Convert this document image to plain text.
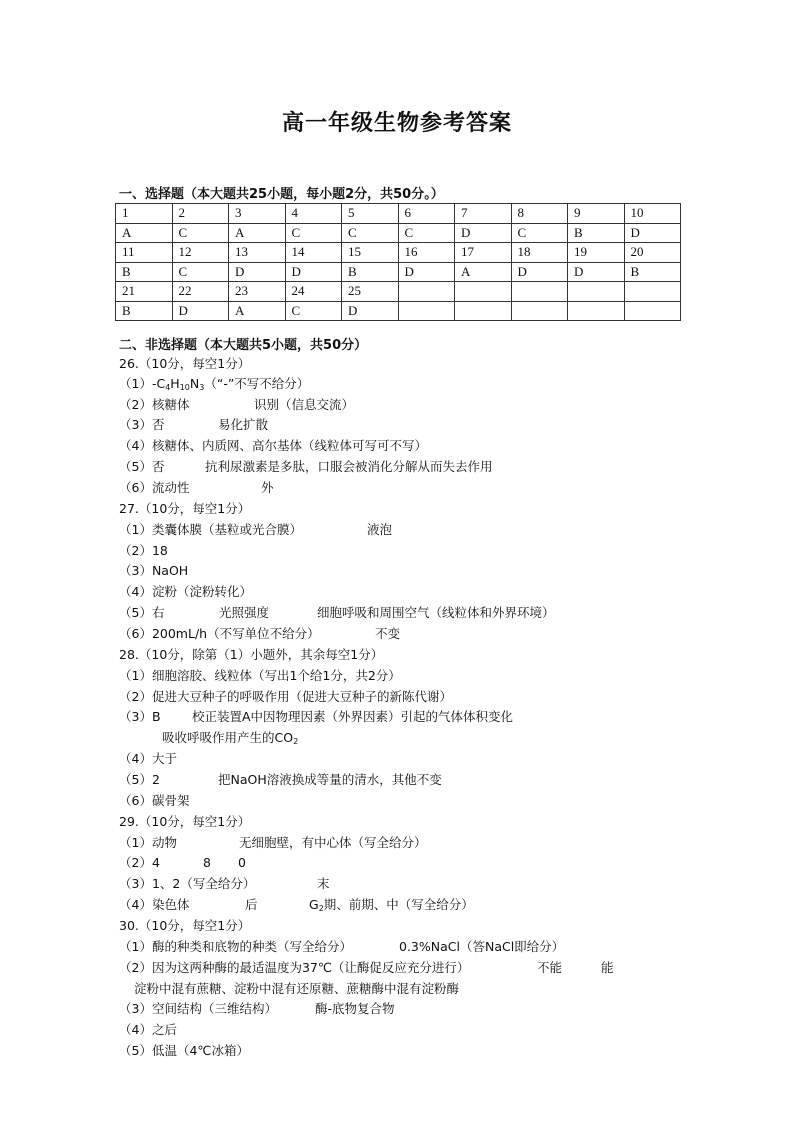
高一年级生物参考答案
一、选择题（本大题共25小题，每小题2分，共50分。）
1	2	3	4	5	6	7	8	9	10
A	C	A	C	C	C	D	C	B	D
11	12	13	14	15	16	17	18	19	20
B	C	D	D	B	D	A	D	D	B
21	22	23	24	25					
B	D	A	C	D					
二、非选择题（本大题共5小题，共50分）
26.（10分，每空1分）
$(1)-C_4H_{10}N_3(“-$”不写不给分）
（2）核糖体	识别（信息交流）
（3）否	易化扩散
（4）核糖体、内质网、高尔基体（线粒体可写可不写）
（5）否	抗利尿激素是多肽，口服会被消化分解从而失去作用
（6）流动性	外
27.（10分，每空1分）
（1）类囊体膜（基粒或光合膜）	液泡
（2）18
（3）NaOH
（4）淀粉（淀粉转化）
（5）右	光照强度	细胞呼吸和周围空气（线粒体和外界环境）
（6）200mL/h（不写单位不给分）	不变
28.（10分，除第（1）小题外，其余每空1分）
（1）细胞溶胶、线粒体（写出1个给1分，共2分）
（2）促进大豆种子的呼吸作用（促进大豆种子的新陈代谢）
（3）B	校正装置A中因物理因素（外界因素）引起的气体体积变化
吸收呼吸作用产生的$CO_2$
（4）大于
（5）2	把NaOH溶液换成等量的清水，其他不变
（6）碳骨架
29.（10分，每空1分）
（1）动物	无细胞壁，有中心体（写全给分）
（2）4	8 0
（3）1、2（写全给分）	末
（4）染色体	后	$G_2$期、前期、中（写全给分）
30.（10分，每空1分）
（1）酶的种类和底物的种类（写全给分）	0.3%NaCl（答NaCl即给分）
（2）因为这两种酶的最适温度为37℃（让酶促反应充分进行）	不能	能
淀粉中混有蔗糖、淀粉中混有还原糖、蔗糖酶中混有淀粉酶
（3）空间结构（三维结构）	酶-底物复合物
（4）之后
（5）低温（4℃冰箱）
